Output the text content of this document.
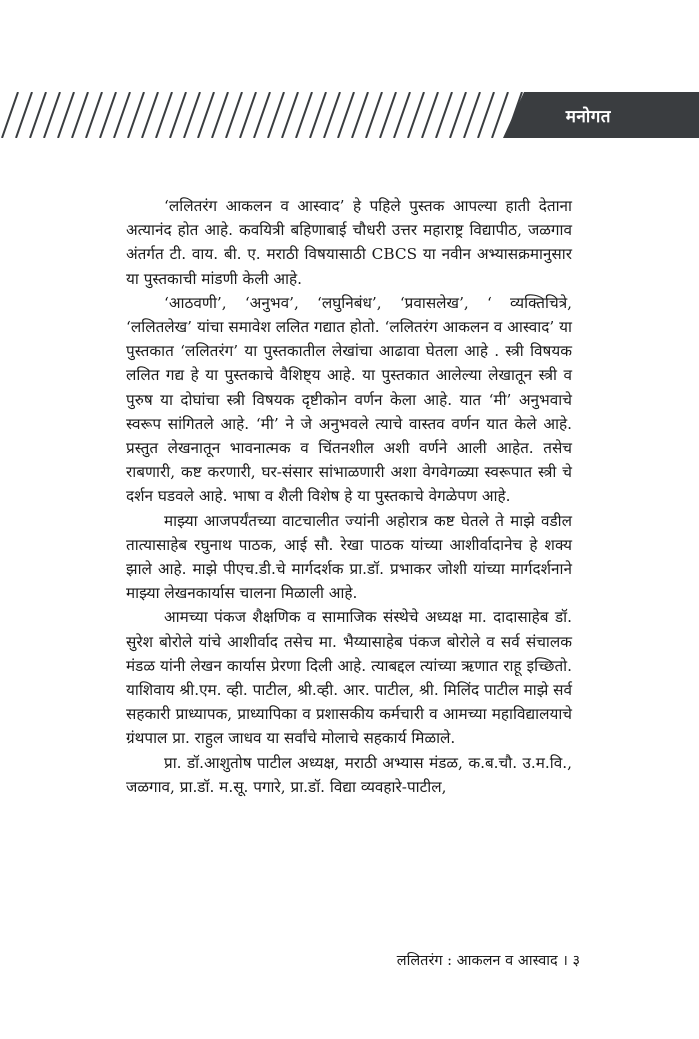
मनोगत

‘ललितरंग आकलन व आस्वाद’ हे पहिले पुस्तक आपल्या हाती देताना अत्यानंद होत आहे. कवयित्री बहिणाबाई चौधरी उत्तर महाराष्ट्र विद्यापीठ, जळगाव अंतर्गत टी. वाय. बी. ए. मराठी विषयासाठी CBCS या नवीन अभ्यासक्रमानुसार या पुस्तकाची मांडणी केली आहे.

‘आठवणी’, ‘अनुभव’, ‘लघुनिबंध’, ‘प्रवासलेख’, ‘ व्यक्तिचित्रे, ‘ललितलेख’ यांचा समावेश ललित गद्यात होतो. ‘ललितरंग आकलन व आस्वाद’ या पुस्तकात ‘ललितरंग’ या पुस्तकातील लेखांचा आढावा घेतला आहे . स्त्री विषयक ललित गद्य हे या पुस्तकाचे वैशिष्ट्य आहे. या पुस्तकात आलेल्या लेखातून स्त्री व पुरुष या दोघांचा स्त्री विषयक दृष्टीकोन वर्णन केला आहे. यात ‘मी’ अनुभवाचे स्वरूप सांगितले आहे. ‘मी’ ने जे अनुभवले त्याचे वास्तव वर्णन यात केले आहे. प्रस्तुत लेखनातून भावनात्मक व चिंतनशील अशी वर्णने आली आहेत. तसेच राबणारी, कष्ट करणारी, घर-संसार सांभाळणारी अशा वेगवेगळ्या स्वरूपात स्त्री चे दर्शन घडवले आहे. भाषा व शैली विशेष हे या पुस्तकाचे वेगळेपण आहे.

माझ्या आजपर्यंतच्या वाटचालीत ज्यांनी अहोरात्र कष्ट घेतले ते माझे वडील तात्यासाहेब रघुनाथ पाठक, आई सौ. रेखा पाठक यांच्या आशीर्वादानेच हे शक्य झाले आहे. माझे पीएच.डी.चे मार्गदर्शक प्रा.डॉ. प्रभाकर जोशी यांच्या मार्गदर्शनाने माझ्या लेखनकार्यास चालना मिळाली आहे.

आमच्या पंकज शैक्षणिक व सामाजिक संस्थेचे अध्यक्ष मा. दादासाहेब डॉ. सुरेश बोरोले यांचे आशीर्वाद तसेच मा. भैय्यासाहेब पंकज बोरोले व सर्व संचालक मंडळ यांनी लेखन कार्यास प्रेरणा दिली आहे. त्याबद्दल त्यांच्या ऋणात राहू इच्छितो. याशिवाय श्री.एम. व्ही. पाटील, श्री.व्ही. आर. पाटील, श्री. मिलिंद पाटील माझे सर्व सहकारी प्राध्यापक, प्राध्यापिका व प्रशासकीय कर्मचारी व आमच्या महाविद्यालयाचे ग्रंथपाल प्रा. राहुल जाधव या सर्वांचे मोलाचे सहकार्य मिळाले.

प्रा. डॉ.आशुतोष पाटील अध्यक्ष, मराठी अभ्यास मंडळ, क.ब.चौ. उ.म.वि., जळगाव, प्रा.डॉ. म.सू. पगारे, प्रा.डॉ. विद्या व्यवहारे-पाटील,

ललितरंग : आकलन व आस्वाद । ३
